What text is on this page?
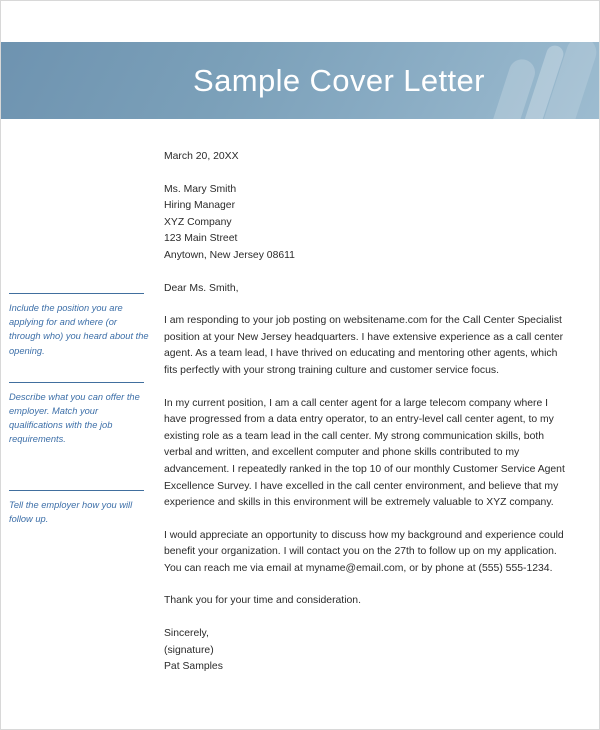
Sample Cover Letter
Include the position you are applying for and where (or through who) you heard about the opening.
Describe what you can offer the employer. Match your qualifications with the job requirements.
Tell the employer how you will follow up.
March 20, 20XX
Ms. Mary Smith
Hiring Manager
XYZ Company
123 Main Street
Anytown, New Jersey 08611
Dear Ms. Smith,
I am responding to your job posting on websitename.com for the Call Center Specialist position at your New Jersey headquarters. I have extensive experience as a call center agent. As a team lead, I have thrived on educating and mentoring other agents, which fits perfectly with your strong training culture and customer service focus.
In my current position, I am a call center agent for a large telecom company where I have progressed from a data entry operator, to an entry-level call center agent, to my existing role as a team lead in the call center. My strong communication skills, both verbal and written, and excellent computer and phone skills contributed to my advancement. I repeatedly ranked in the top 10 of our monthly Customer Service Agent Excellence Survey. I have excelled in the call center environment, and believe that my experience and skills in this environment will be extremely valuable to XYZ company.
I would appreciate an opportunity to discuss how my background and experience could benefit your organization. I will contact you on the 27th to follow up on my application. You can reach me via email at myname@email.com, or by phone at (555) 555-1234.
Thank you for your time and consideration.
Sincerely,
(signature)
Pat Samples
